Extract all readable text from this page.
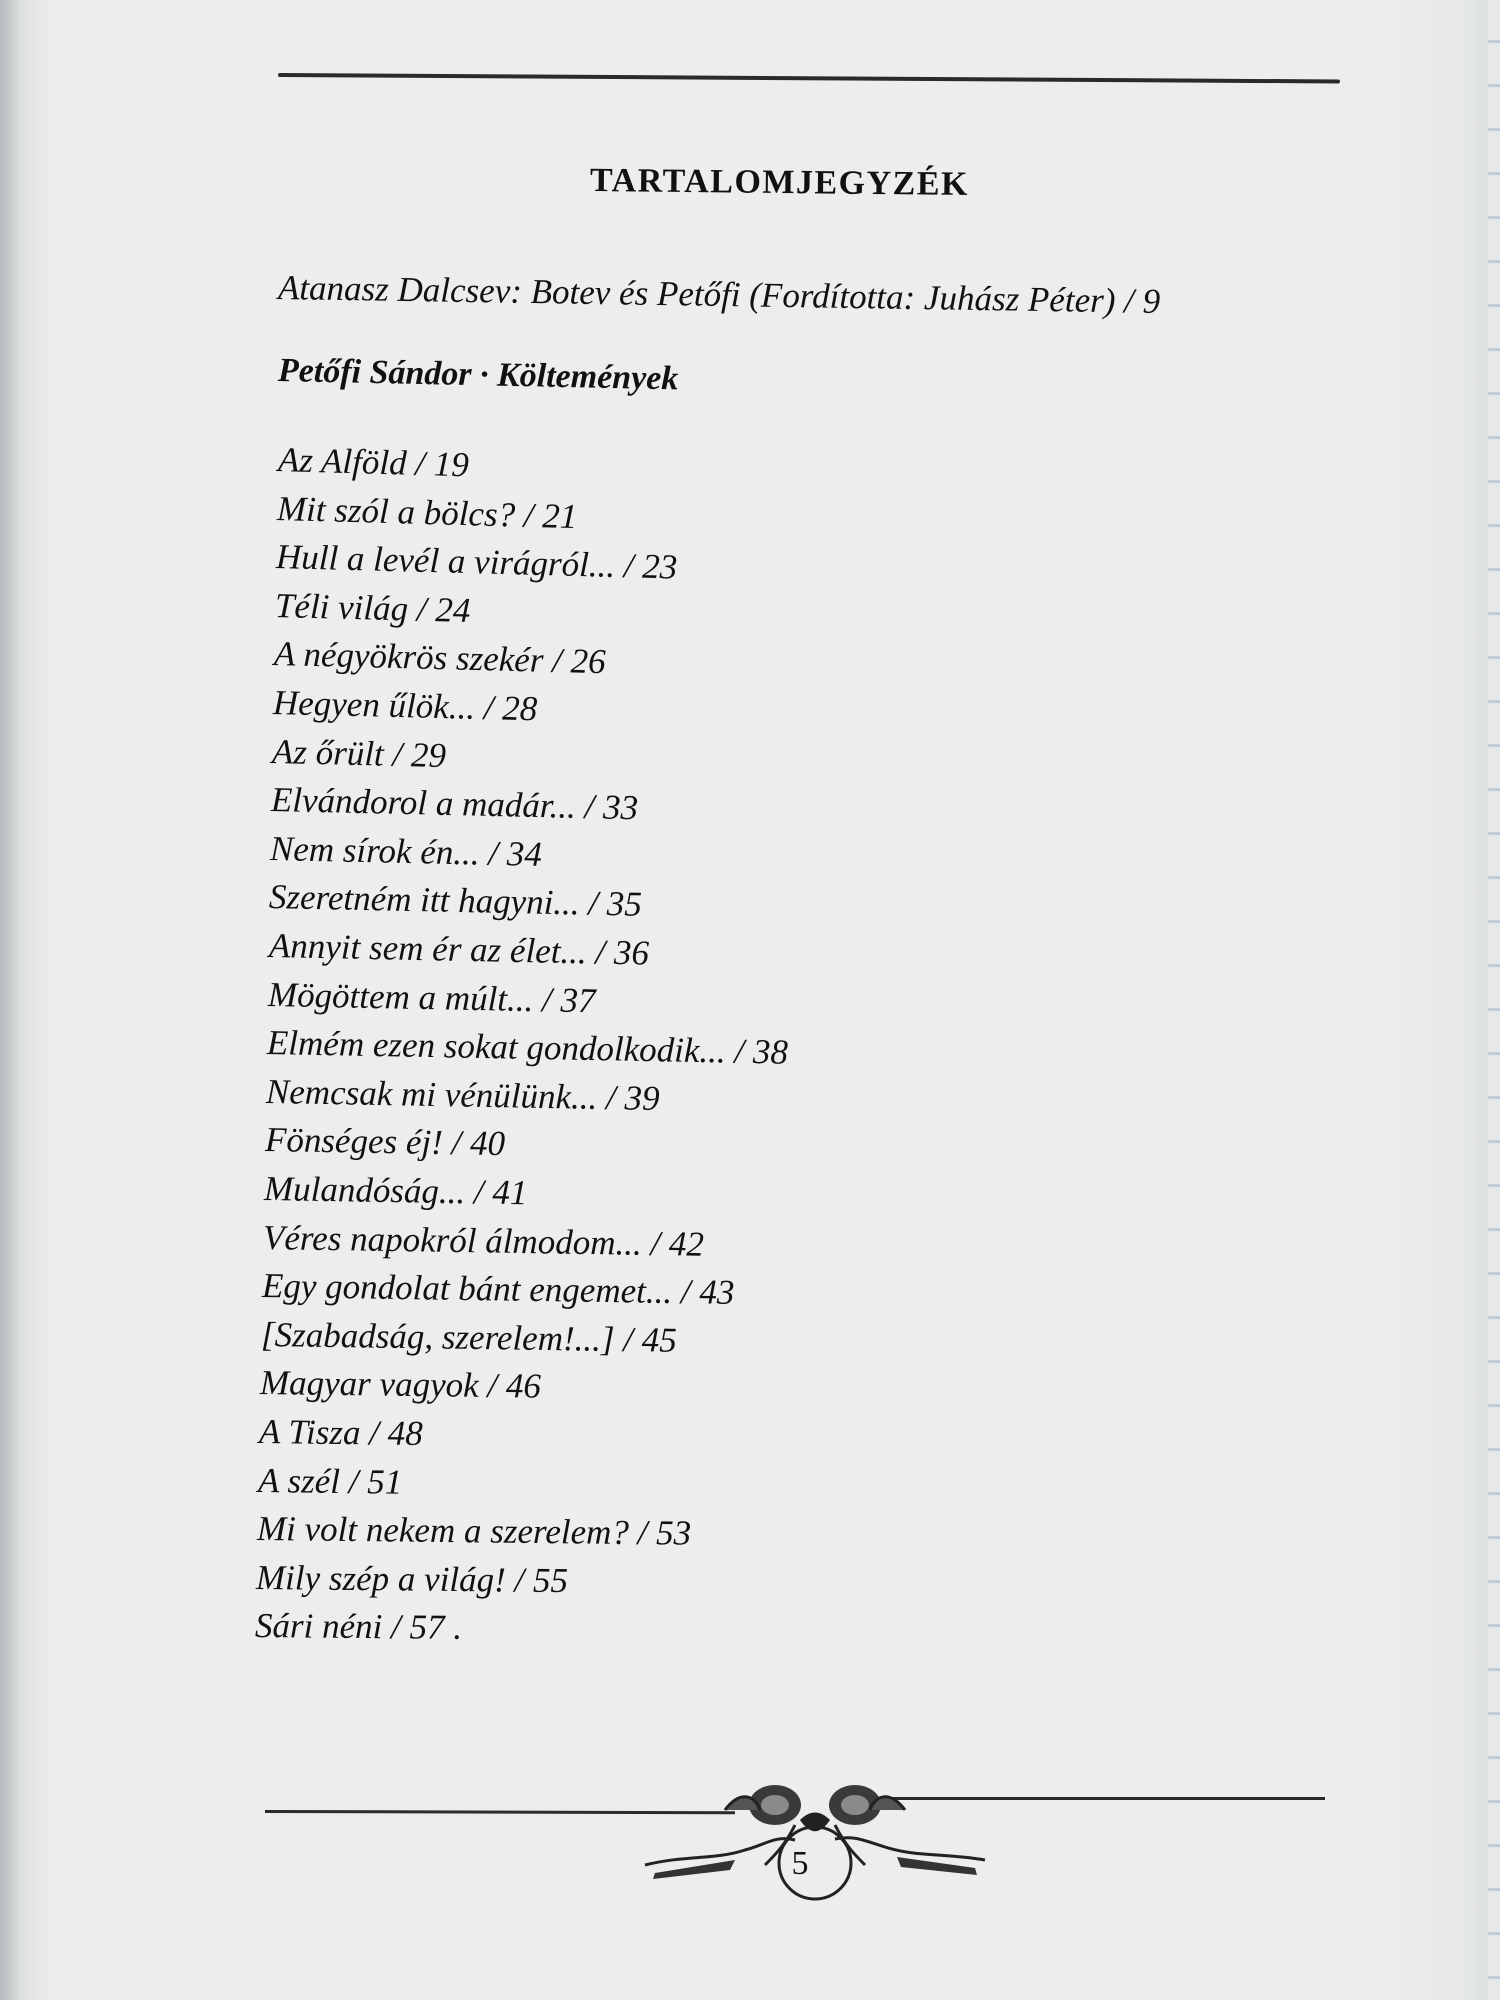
TARTALOMJEGYZÉK
Atanasz Dalcsev: Botev és Petőfi (Fordította: Juhász Péter) / 9
Petőfi Sándor · Költemények
Az Alföld / 19
Mit szól a bölcs? / 21
Hull a levél a virágról... / 23
Téli világ / 24
A négyökrös szekér / 26
Hegyen űlök... / 28
Az őrült / 29
Elvándorol a madár... / 33
Nem sírok én... / 34
Szeretném itt hagyni... / 35
Annyit sem ér az élet... / 36
Mögöttem a múlt... / 37
Elmém ezen sokat gondolkodik... / 38
Nemcsak mi vénülünk... / 39
Fönséges éj! / 40
Mulandóság... / 41
Véres napokról álmodom... / 42
Egy gondolat bánt engemet... / 43
[Szabadság, szerelem!...] / 45
Magyar vagyok / 46
A Tisza / 48
A szél / 51
Mi volt nekem a szerelem? / 53
Mily szép a világ! / 55
Sári néni / 57 .
5
